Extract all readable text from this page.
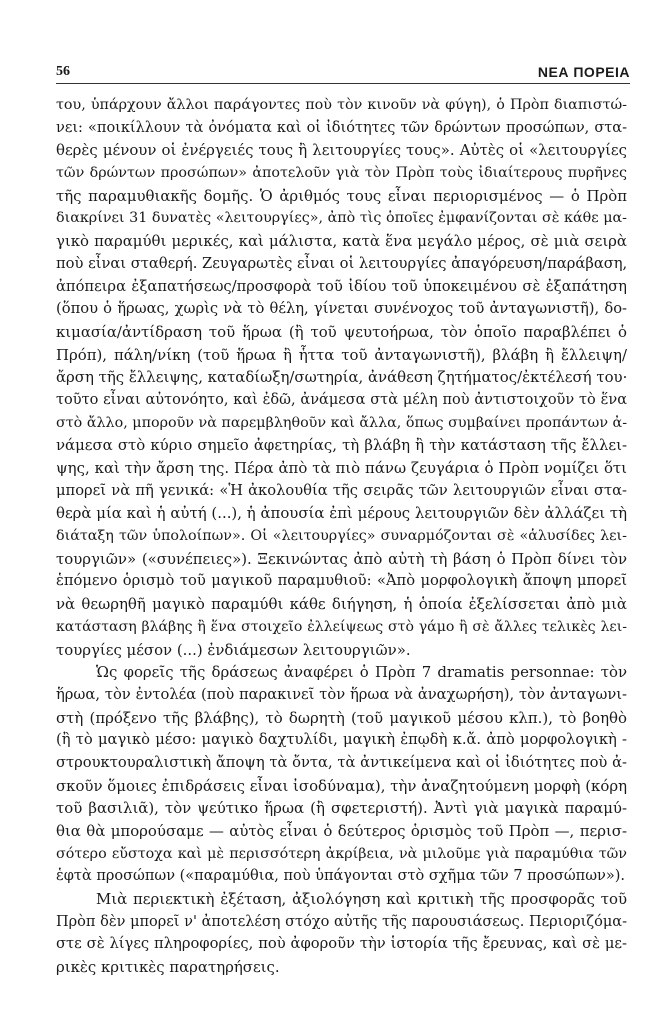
56	ΝΕΑ ΠΟΡΕΙΑ
του, ὑπάρχουν ἄλλοι παράγοντες ποὺ τὸν κινοῦν νὰ φύγη), ὁ Πρὸπ διαπιστώ-
νει: «ποικίλλουν τὰ ὀνόματα καὶ οἱ ἰδιότητες τῶν δρώντων προσώπων, στα-
θερὲς μένουν οἱ ἐνέργειές τους ἢ λειτουργίες τους». Αὐτὲς οἱ «λειτουργίες
τῶν δρώντων προσώπων» ἀποτελοῦν γιὰ τὸν Πρὸπ τοὺς ἰδιαίτερους πυρῆνες
τῆς παραμυθιακῆς δομῆς. Ὁ ἀριθμός τους εἶναι περιορισμένος — ὁ Πρὸπ
διακρίνει 31 δυνατὲς «λειτουργίες», ἀπὸ τὶς ὁποῖες ἐμφανίζονται σὲ κάθε μα-
γικὸ παραμύθι μερικές, καὶ μάλιστα, κατὰ ἕνα μεγάλο μέρος, σὲ μιὰ σειρὰ
ποὺ εἶναι σταθερή. Ζευγαρωτὲς εἶναι οἱ λειτουργίες ἀπαγόρευση/παράβαση,
ἀπόπειρα ἐξαπατήσεως/προσφορὰ τοῦ ἰδίου τοῦ ὑποκειμένου σὲ ἐξαπάτηση
(ὅπου ὁ ἥρωας, χωρὶς νὰ τὸ θέλη, γίνεται συνένοχος τοῦ ἀνταγωνιστῆ), δο-
κιμασία/ἀντίδραση τοῦ ἥρωα (ἢ τοῦ ψευτοήρωα, τὸν ὁποῖο παραβλέπει ὁ
Πρόπ), πάλη/νίκη (τοῦ ἥρωα ἢ ἧττα τοῦ ἀνταγωνιστῆ), βλάβη ἢ ἔλλειψη/
ἄρση τῆς ἔλλειψης, καταδίωξη/σωτηρία, ἀνάθεση ζητήματος/ἐκτέλεσή του·
τοῦτο εἶναι αὐτονόητο, καὶ ἐδῶ, ἀνάμεσα στὰ μέλη ποὺ ἀντιστοιχοῦν τὸ ἕνα
στὸ ἄλλο, μποροῦν νὰ παρεμβληθοῦν καὶ ἄλλα, ὅπως συμβαίνει προπάντων ἀ-
νάμεσα στὸ κύριο σημεῖο ἀφετηρίας, τὴ βλάβη ἢ τὴν κατάσταση τῆς ἔλλει-
ψης, καὶ τὴν ἄρση της. Πέρα ἀπὸ τὰ πιὸ πάνω ζευγάρια ὁ Πρὸπ νομίζει ὅτι
μπορεῖ νὰ πῆ γενικά: «Ἡ ἀκολουθία τῆς σειρᾶς τῶν λειτουργιῶν εἶναι στα-
θερὰ μία καὶ ἡ αὐτή (...), ἡ ἀπουσία ἐπὶ μέρους λειτουργιῶν δὲν ἀλλάζει τὴ
διάταξη τῶν ὑπολοίπων». Οἱ «λειτουργίες» συναρμόζονται σὲ «ἁλυσίδες λει-
τουργιῶν» («συνέπειες»). Ξεκινώντας ἀπὸ αὐτὴ τὴ βάση ὁ Πρὸπ δίνει τὸν
ἑπόμενο ὁρισμὸ τοῦ μαγικοῦ παραμυθιοῦ: «Ἀπὸ μορφολογικὴ ἄποψη μπορεῖ
νὰ θεωρηθῆ μαγικὸ παραμύθι κάθε διήγηση, ἡ ὁποία ἐξελίσσεται ἀπὸ μιὰ
κατάσταση βλάβης ἢ ἕνα στοιχεῖο ἐλλείψεως στὸ γάμο ἢ σὲ ἄλλες τελικὲς λει-
τουργίες μέσον (...) ἐνδιάμεσων λειτουργιῶν».
Ὡς φορεῖς τῆς δράσεως ἀναφέρει ὁ Πρὸπ 7 dramatis personnae: τὸν
ἥρωα, τὸν ἐντολέα (ποὺ παρακινεῖ τὸν ἥρωα νὰ ἀναχωρήση), τὸν ἀνταγωνι-
στὴ (πρόξενο τῆς βλάβης), τὸ δωρητὴ (τοῦ μαγικοῦ μέσου κλπ.), τὸ βοηθὸ
(ἢ τὸ μαγικὸ μέσο: μαγικὸ δαχτυλίδι, μαγικὴ ἐπῳδὴ κ.ἄ. ἀπὸ μορφολογικὴ -
στρουκτουραλιστικὴ ἄποψη τὰ ὄντα, τὰ ἀντικείμενα καὶ οἱ ἰδιότητες ποὺ ἀ-
σκοῦν ὅμοιες ἐπιδράσεις εἶναι ἰσοδύναμα), τὴν ἀναζητούμενη μορφὴ (κόρη
τοῦ βασιλιᾶ), τὸν ψεύτικο ἥρωα (ἢ σφετεριστή). Ἀντὶ γιὰ μαγικὰ παραμύ-
θια θὰ μπορούσαμε — αὐτὸς εἶναι ὁ δεύτερος ὁρισμὸς τοῦ Πρὸπ —, περισ-
σότερο εὔστοχα καὶ μὲ περισσότερη ἀκρίβεια, νὰ μιλοῦμε γιὰ παραμύθια τῶν
ἑφτὰ προσώπων («παραμύθια, ποὺ ὑπάγονται στὸ σχῆμα τῶν 7 προσώπων»).
Μιὰ περιεκτικὴ ἐξέταση, ἀξιολόγηση καὶ κριτικὴ τῆς προσφορᾶς τοῦ
Πρὸπ δὲν μπορεῖ ν' ἀποτελέση στόχο αὐτῆς τῆς παρουσιάσεως. Περιοριζόμα-
στε σὲ λίγες πληροφορίες, ποὺ ἀφοροῦν τὴν ἱστορία τῆς ἔρευνας, καὶ σὲ με-
ρικὲς κριτικὲς παρατηρήσεις.
